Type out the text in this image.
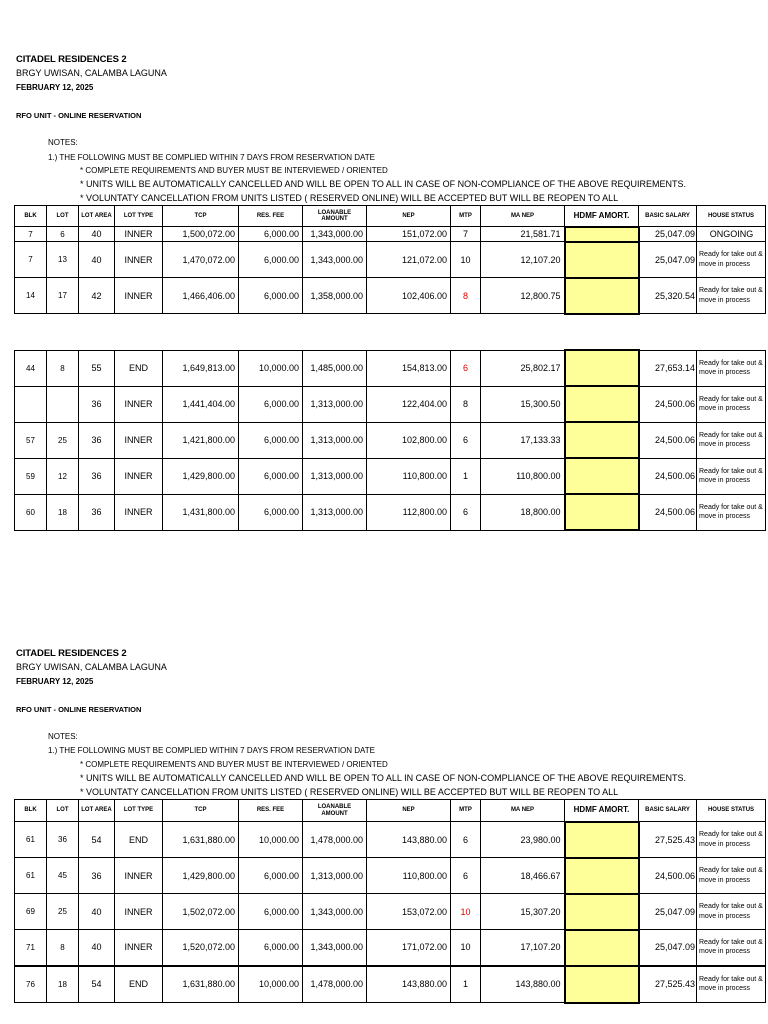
CITADEL RESIDENCES 2
BRGY UWISAN, CALAMBA LAGUNA
FEBRUARY 12, 2025
RFO UNIT - ONLINE RESERVATION
NOTES:
1.) THE FOLLOWING MUST BE COMPLIED WITHIN 7 DAYS FROM RESERVATION DATE
* COMPLETE REQUIREMENTS AND BUYER MUST BE INTERVIEWED / ORIENTED
* UNITS WILL BE AUTOMATICALLY CANCELLED AND WILL BE OPEN TO ALL IN CASE OF NON-COMPLIANCE OF THE ABOVE REQUIREMENTS.
* VOLUNTATY CANCELLATION FROM UNITS LISTED ( RESERVED ONLINE) WILL BE ACCEPTED BUT WILL BE REOPEN TO ALL
BLK	LOT	LOT AREA	LOT TYPE	TCP	RES. FEE	LOANABLE AMOUNT	NEP	MTP	MA NEP	HDMF AMORT.	BASIC SALARY	HOUSE STATUS
7	6	40	INNER	1,500,072.00	6,000.00	1,343,000.00	151,072.00	7	21,581.71		25,047.09	ONGOING
7	13	40	INNER	1,470,072.00	6,000.00	1,343,000.00	121,072.00	10	12,107.20		25,047.09	Ready for take out & move in process
14	17	42	INNER	1,466,406.00	6,000.00	1,358,000.00	102,406.00	8	12,800.75		25,320.54	Ready for take out & move in process
44	8	55	END	1,649,813.00	10,000.00	1,485,000.00	154,813.00	6	25,802.17		27,653.14	Ready for take out & move in process
		36	INNER	1,441,404.00	6,000.00	1,313,000.00	122,404.00	8	15,300.50		24,500.06	Ready for take out & move in process
57	25	36	INNER	1,421,800.00	6,000.00	1,313,000.00	102,800.00	6	17,133.33		24,500.06	Ready for take out & move in process
59	12	36	INNER	1,429,800.00	6,000.00	1,313,000.00	110,800.00	1	110,800.00		24,500.06	Ready for take out & move in process
60	18	36	INNER	1,431,800.00	6,000.00	1,313,000.00	112,800.00	6	18,800.00		24,500.06	Ready for take out & move in process
CITADEL RESIDENCES 2
BRGY UWISAN, CALAMBA LAGUNA
FEBRUARY 12, 2025
RFO UNIT - ONLINE RESERVATION
NOTES:
1.) THE FOLLOWING MUST BE COMPLIED WITHIN 7 DAYS FROM RESERVATION DATE
* COMPLETE REQUIREMENTS AND BUYER MUST BE INTERVIEWED / ORIENTED
* UNITS WILL BE AUTOMATICALLY CANCELLED AND WILL BE OPEN TO ALL IN CASE OF NON-COMPLIANCE OF THE ABOVE REQUIREMENTS.
* VOLUNTATY CANCELLATION FROM UNITS LISTED ( RESERVED ONLINE) WILL BE ACCEPTED BUT WILL BE REOPEN TO ALL
BLK	LOT	LOT AREA	LOT TYPE	TCP	RES. FEE	LOANABLE AMOUNT	NEP	MTP	MA NEP	HDMF AMORT.	BASIC SALARY	HOUSE STATUS
61	36	54	END	1,631,880.00	10,000.00	1,478,000.00	143,880.00	6	23,980.00		27,525.43	Ready for take out & move in process
61	45	36	INNER	1,429,800.00	6,000.00	1,313,000.00	110,800.00	6	18,466.67		24,500.06	Ready for take out & move in process
69	25	40	INNER	1,502,072.00	6,000.00	1,343,000.00	153,072.00	10	15,307.20		25,047.09	Ready for take out & move in process
71	8	40	INNER	1,520,072.00	6,000.00	1,343,000.00	171,072.00	10	17,107.20		25,047.09	Ready for take out & move in process
76	18	54	END	1,631,880.00	10,000.00	1,478,000.00	143,880.00	1	143,880.00		27,525.43	Ready for take out & move in process
